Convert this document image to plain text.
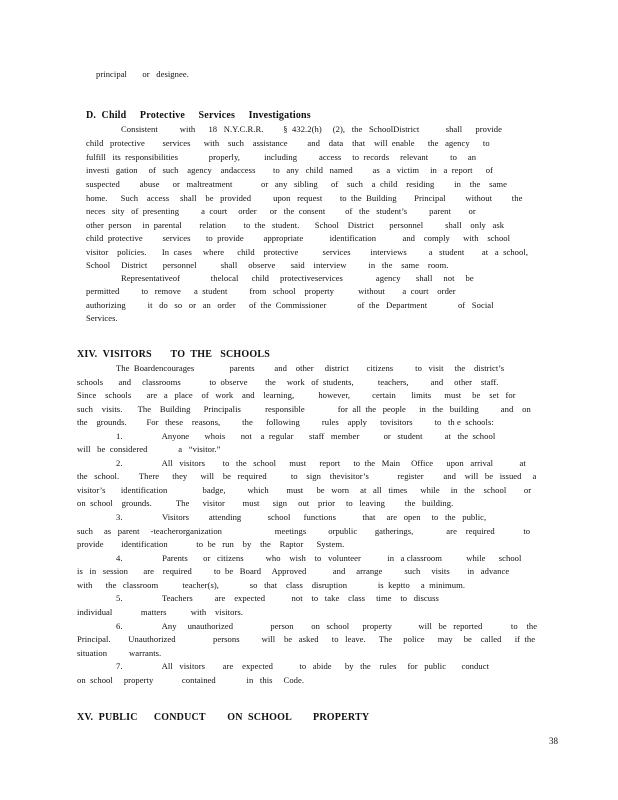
principal       or   designee.
D.  Child     Protective     Services     Investigations
Consistent          with      18   N.Y.C.R.R.         §  432.2(h)     (2),   the   SchoolDistrict            shall      provide
child   protective        services      with    such    assistance         and    data    that    will  enable      the   agency      to
fulfill   its  responsibilities              properly,           including          access     to  records     relevant          to     an
investi   gation     of   such    agency    andaccess        to   any   child   named         as   a   victim     in   a  report      of
suspected         abuse      or   maltreatment             or   any   sibling      of    such    a  child    residing         in    the    same
home.      Such    access     shall    be   provided          upon   request        to  the  Building        Principal         without         the
neces   sity   of  presenting          a  court     order      or   the  consent         of   the   student’s          parent        or
other  person     in  parental        relation        to  the   student.       School    District       personnel          shall    only   ask
child  protective         services       to  provide         appropriate            identification            and    comply      with    school
visitor    policies.       In  cases     where      child    protective           services         interviews          a   student        at   a  school,
School     District       personnel           shall     observe       said    interview          in   the    same    room.
Representativeof              thelocal      child     protectiveservices               agency       shall     not     be
permitted          to   remove      a  student          from   school    property           without        a  court    order
authorizing          it   do   so   or   an   order      of  the  Commissioner              of  the   Department              of   Social
Services.
XIV.  VISITORS       TO  THE   SCHOOLS
The  Boardencourages                parents         and    other     district        citizens          to   visit     the    district’s
schools       and     classrooms             to  observe        the     work   of  students,           teachers,          and     other    staff.
Since    schools       are   a   place    of   work    and    learning,           however,          certain       limits      must     be    set   for
such    visits.       The    Building      Principalis           responsible               for  all  the   people      in   the   building          and    on
the    grounds.         For   these    reasons,          the      following          rules    apply      tovisitors          to   th e  schools:
1.                  Anyone       whois       not    a  regular       staff   member           or   student          at   the  school
will   be  considered              a   “visitor.”
2.                  All   visitors        to   the   school      must      report      to  the   Main     Office      upon   arrival            at
the   school.         There      they      will    be   required           to    sign    thevisitor’s             register         and    will   be   issued     a
visitor’s       identification                badge,          which        must      be   worn     at   all   times      while     in   the    school        or
on  school    grounds.           The      visitor        must      sign     out    prior     to   leaving         the   building.
3.                  Visitors         attending            school      functions            that     are   open     to   the   public,
such     as   parent     -teacherorganization                        meetings          orpublic        gatherings,               are    required             to
provide        identification             to  be   run    by    the    Raptor      System.
4.                  Parents       or   citizens          who    wish    to   volunteer            in   a classroom           while      school
is   in   session       are    required          to  be   Board     Approved            and     arrange          such     visits        in   advance
with      the   classroom           teacher(s),              so   that    class    disruption              is  keptto     a  minimum.
5.                  Teachers          are    expected            not    to   take    class     time    to   discuss
individual             matters           with    visitors.
6.                  Any     unauthorized                 person        on   school      property            will   be   reported             to    the
Principal.        Unauthorized                 persons          will    be   asked      to   leave.      The     police      may     be    called      if  the
situation          warrants.
7.                  All   visitors        are    expected            to   abide      by   the    rules     for   public       conduct
on  school     property             contained              in   this     Code.
XV.  PUBLIC      CONDUCT        ON  SCHOOL        PROPERTY
38
